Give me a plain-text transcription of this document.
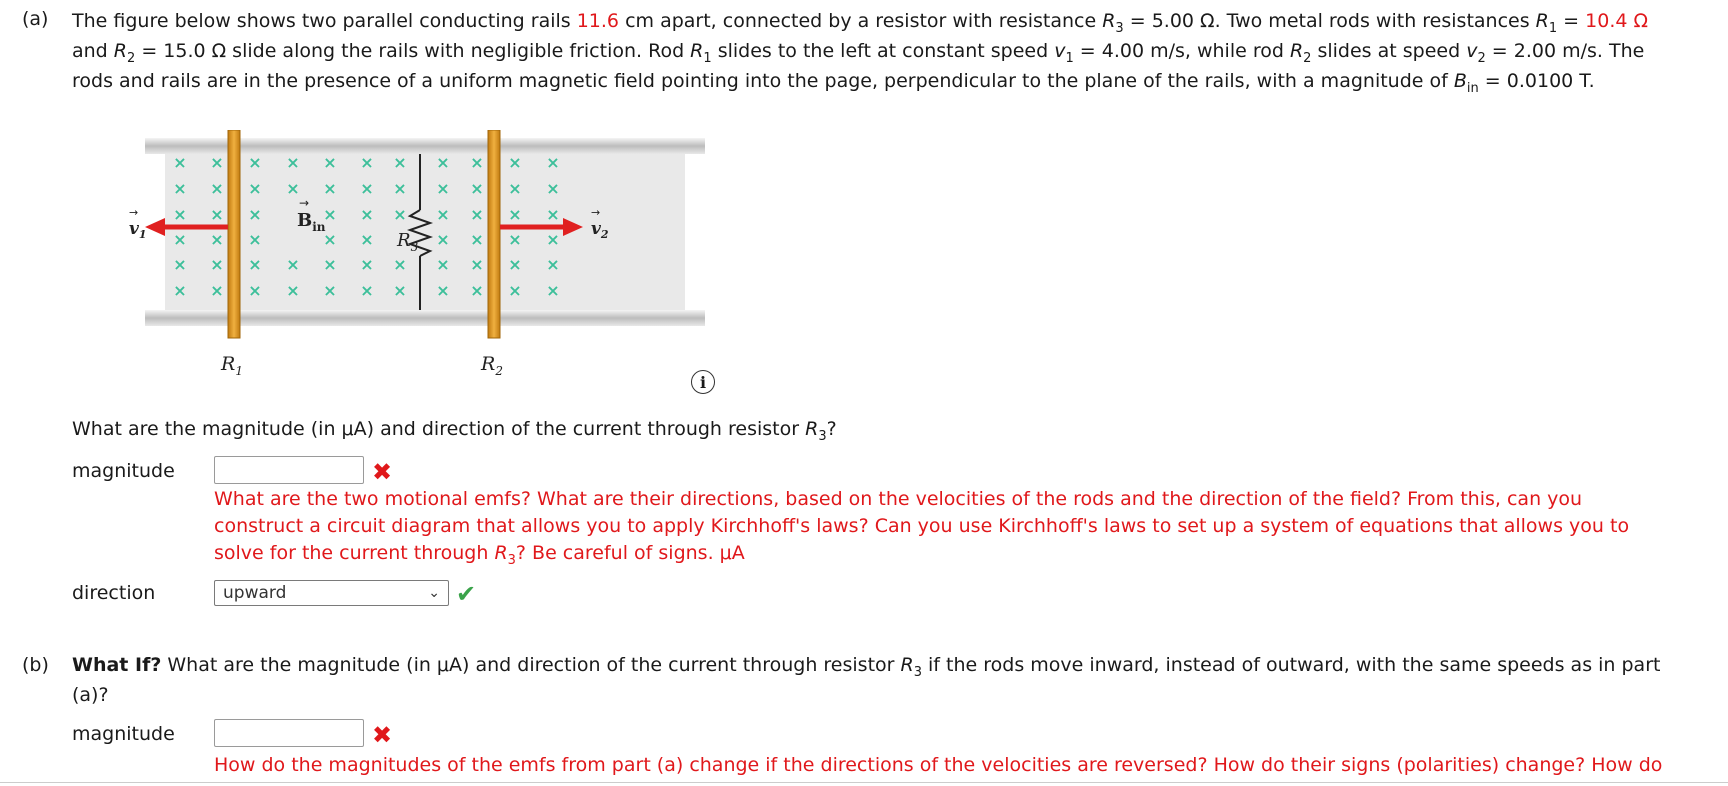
(a) The figure below shows two parallel conducting rails 11.6 cm apart, connected by a resistor with resistance $R_3 = 5.00$ Ω. Two metal rods with resistances $R_1 = 10.4$ Ω
and $R_2 = 15.0$ Ω slide along the rails with negligible friction. Rod $R_1$ slides to the left at constant speed $v_1 = 4.00$ m/s, while rod $R_2$ slides at speed $v_2 = 2.00$ m/s. The
rods and rails are in the presence of a uniform magnetic field pointing into the page, perpendicular to the plane of the rails, with a magnitude of $B_{in} = 0.0100$ T.
× × × × × × × × × × ×
× × × × × × × × × × ×
× × ×	× × × × × × ×
× × ×	× ×	× × × ×
× × × × × × × × × × ×
× × × × × × × × × × ×
$v_1$
→
$v_2$
→
$B_{in}$
→
$R_3$
$R_1$	$R_2$
i
What are the magnitude (in μA) and direction of the current through resistor $R_3$?
magnitude	✖
What are the two motional emfs? What are their directions, based on the velocities of the rods and the direction of the field? From this, can you
construct a circuit diagram that allows you to apply Kirchhoff's laws? Can you use Kirchhoff's laws to set up a system of equations that allows you to
solve for the current through $R_3$? Be careful of signs. μA
direction	upward	⌄ ✔
(b) What If? What are the magnitude (in μA) and direction of the current through resistor $R_3$ if the rods move inward, instead of outward, with the same speeds as in part
(a)?
magnitude	✖
How do the magnitudes of the emfs from part (a) change if the directions of the velocities are reversed? How do their signs (polarities) change? How do
